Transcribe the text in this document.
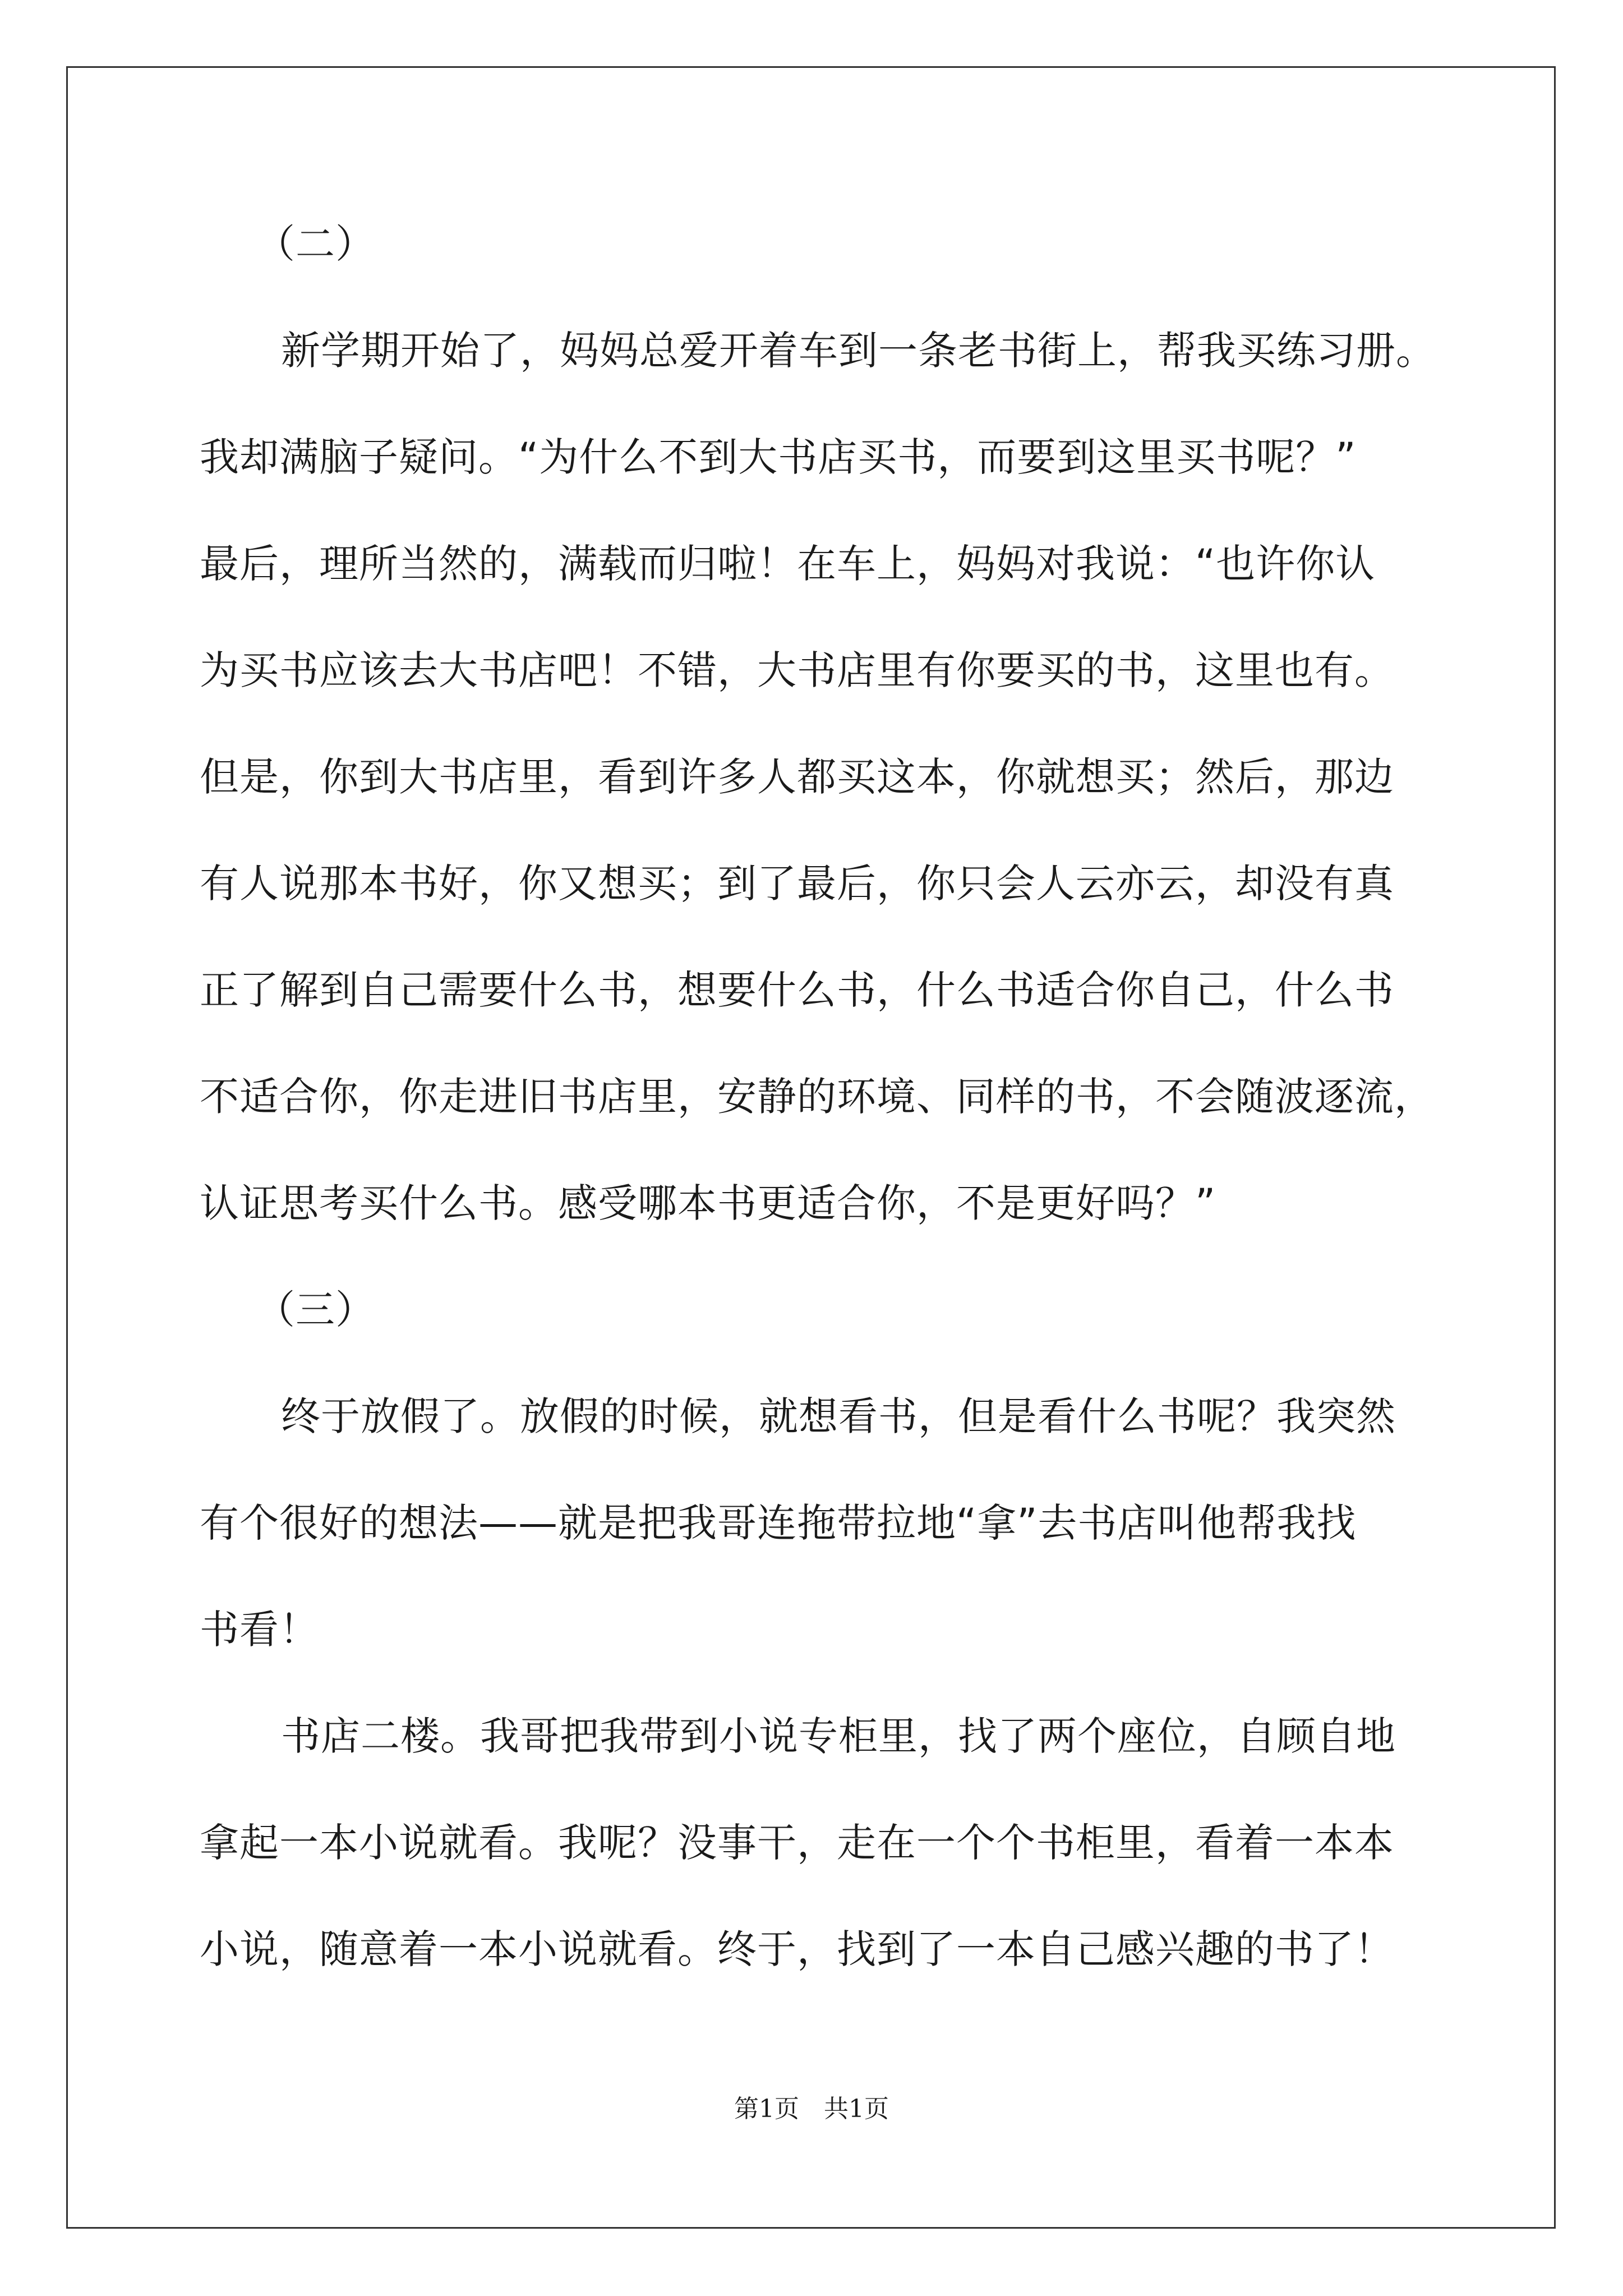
（二）
新学期开始了，妈妈总爱开着车到一条老书街上，帮我买练习册。
我却满脑子疑问。“为什么不到大书店买书，而要到这里买书呢？”
最后，理所当然的，满载而归啦！在车上，妈妈对我说：“也许你认
为买书应该去大书店吧！不错，大书店里有你要买的书，这里也有。
但是，你到大书店里，看到许多人都买这本，你就想买；然后，那边
有人说那本书好，你又想买；到了最后，你只会人云亦云，却没有真
正了解到自己需要什么书，想要什么书，什么书适合你自己，什么书
不适合你，你走进旧书店里，安静的环境、同样的书，不会随波逐流，
认证思考买什么书。感受哪本书更适合你，不是更好吗？”
（三）
终于放假了。放假的时候，就想看书，但是看什么书呢？我突然
有个很好的想法——就是把我哥连拖带拉地“拿”去书店叫他帮我找
书看！
书店二楼。我哥把我带到小说专柜里，找了两个座位，自顾自地
拿起一本小说就看。我呢？没事干，走在一个个书柜里，看着一本本
小说，随意着一本小说就看。终于，找到了一本自己感兴趣的书了！
第1页　共1页
